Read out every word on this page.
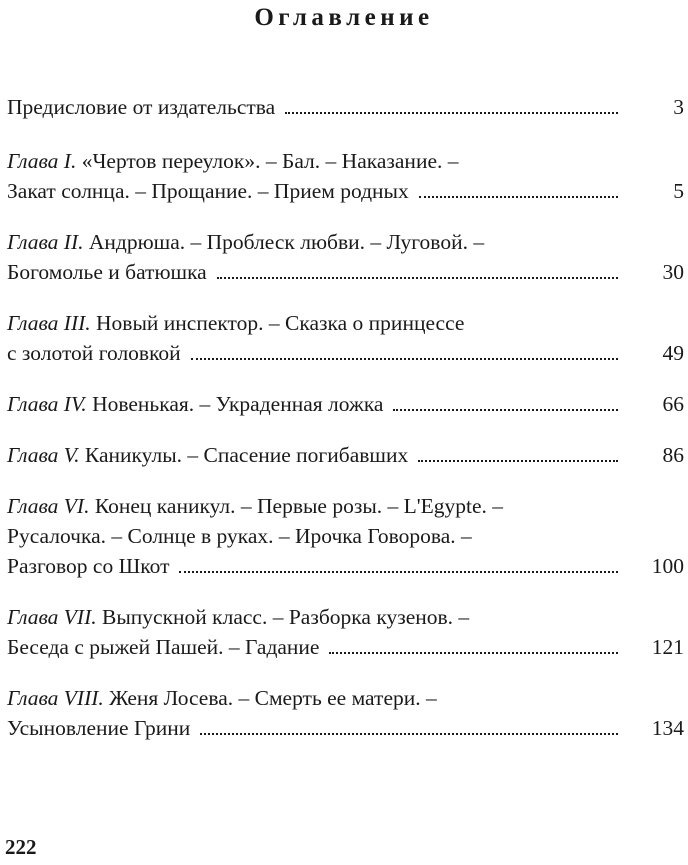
Оглавление
Предисловие от издательства	3
Глава I. «Чертов переулок». – Бал. – Наказание. –
Закат солнца. – Прощание. – Прием родных	5
Глава II. Андрюша. – Проблеск любви. – Луговой. –
Богомолье и батюшка	30
Глава III. Новый инспектор. – Сказка о принцессе
с золотой головкой	49
Глава IV. Новенькая. – Украденная ложка	66
Глава V. Каникулы. – Спасение погибавших	86
Глава VI. Конец каникул. – Первые розы. – L'Egypte. –
Русалочка. – Солнце в руках. – Ирочка Говорова. –
Разговор со Шкот	100
Глава VII. Выпускной класс. – Разборка кузенов. –
Беседа с рыжей Пашей. – Гадание	121
Глава VIII. Женя Лосева. – Смерть ее матери. –
Усыновление Грини	134
222
